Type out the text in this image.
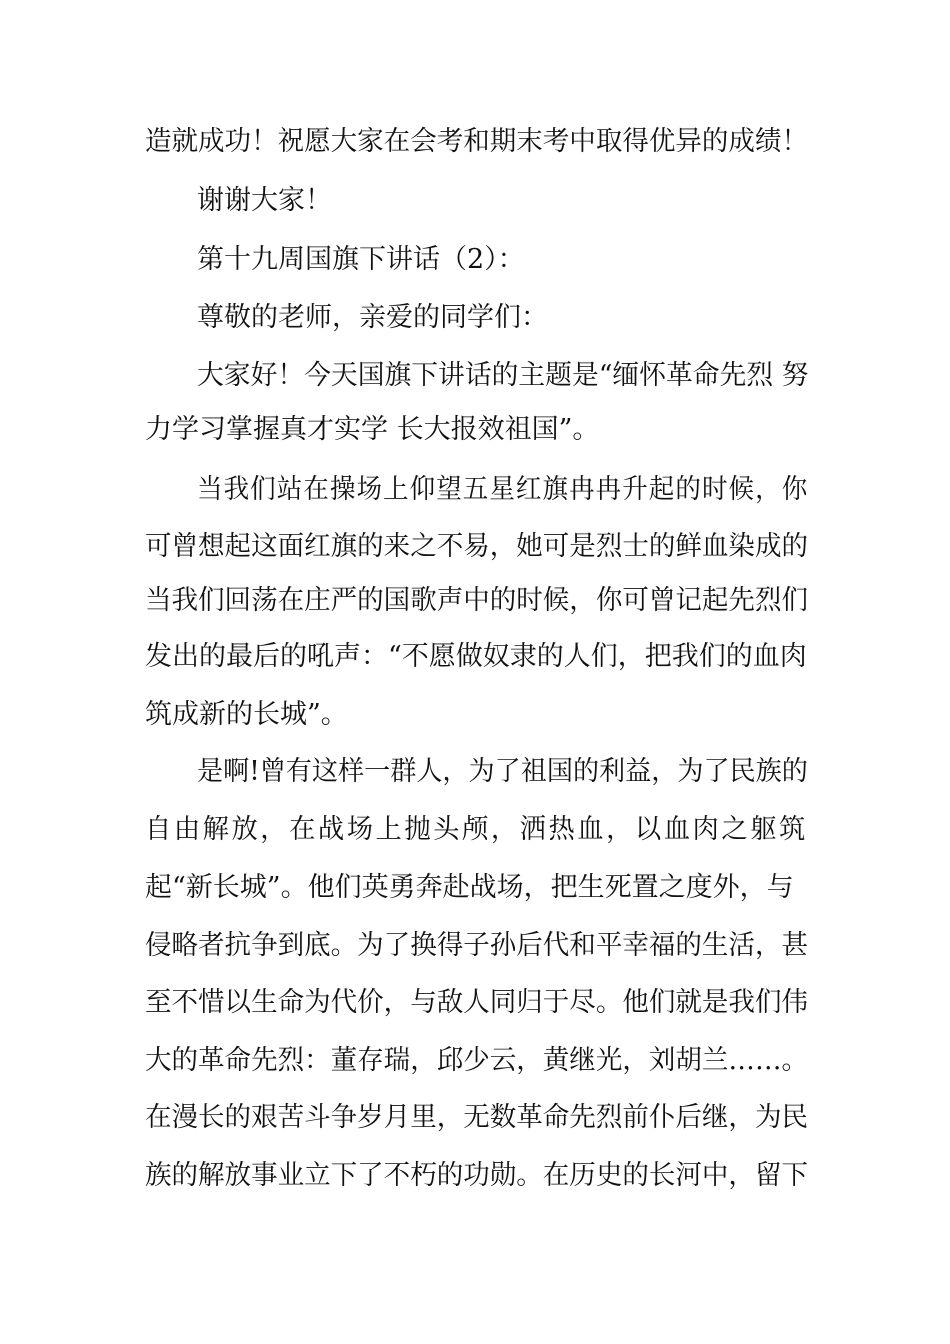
造就成功！祝愿大家在会考和期末考中取得优异的成绩！

谢谢大家！

第十九周国旗下讲话（2）：

尊敬的老师，亲爱的同学们：

大家好！今天国旗下讲话的主题是“缅怀革命先烈 努

力学习掌握真才实学 长大报效祖国”。

当我们站在操场上仰望五星红旗冉冉升起的时候，你

可曾想起这面红旗的来之不易，她可是烈士的鲜血染成的

当我们回荡在庄严的国歌声中的时候，你可曾记起先烈们

发出的最后的吼声：“不愿做奴隶的人们，把我们的血肉

筑成新的长城”。

是啊!曾有这样一群人，为了祖国的利益，为了民族的

自由解放，在战场上抛头颅，洒热血，以血肉之躯筑

起“新长城”。他们英勇奔赴战场，把生死置之度外，与

侵略者抗争到底。为了换得子孙后代和平幸福的生活，甚

至不惜以生命为代价，与敌人同归于尽。他们就是我们伟

大的革命先烈：董存瑞，邱少云，黄继光，刘胡兰……。

在漫长的艰苦斗争岁月里，无数革命先烈前仆后继，为民

族的解放事业立下了不朽的功勋。在历史的长河中，留下
